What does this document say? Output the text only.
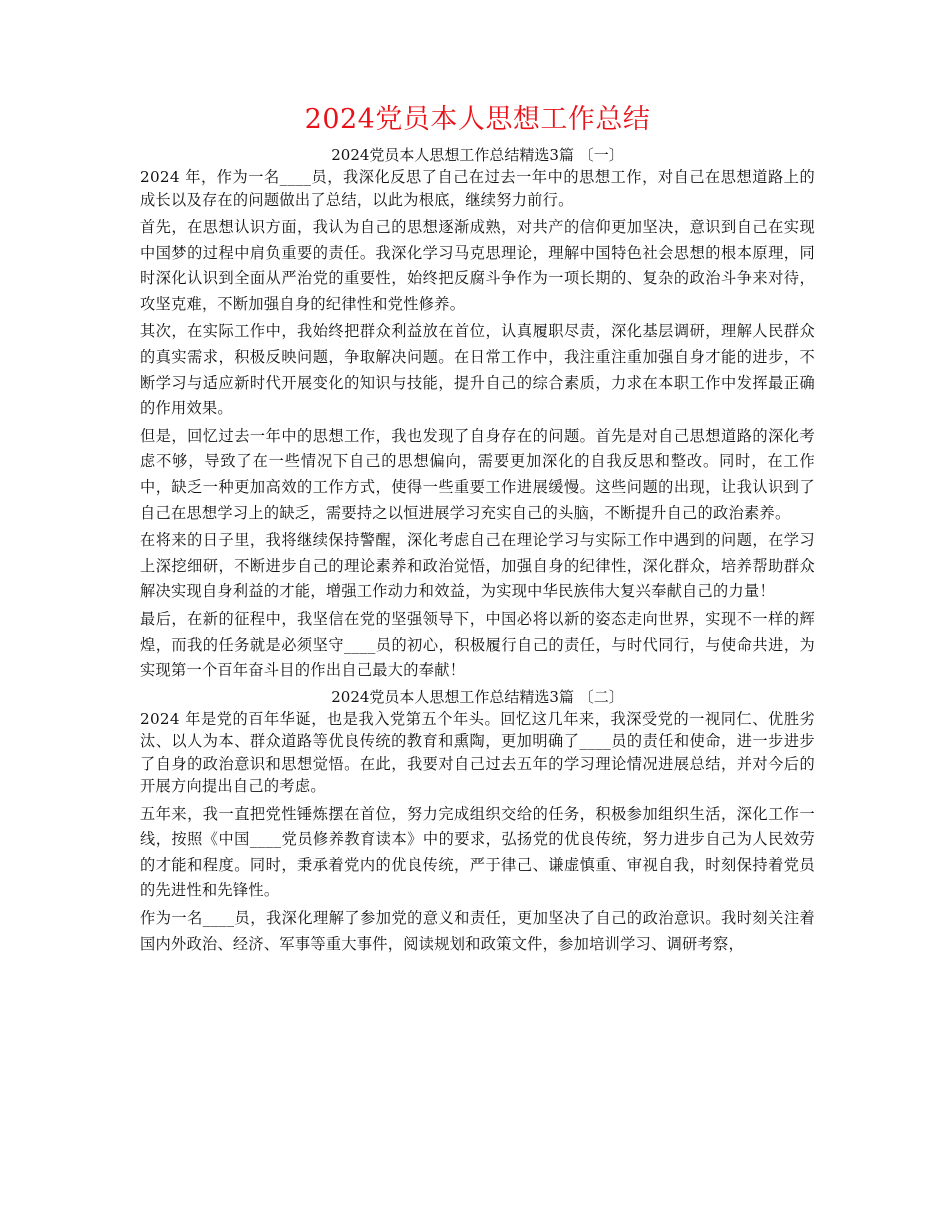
2024党员本人思想工作总结
2024党员本人思想工作总结精选3篇 〔一〕

2024 年，作为一名____员，我深化反思了自己在过去一年中的思想工作，对自己在思想道路上的成长以及存在的问题做出了总结，以此为根底，继续努力前行。

首先，在思想认识方面，我认为自己的思想逐渐成熟，对共产的信仰更加坚决，意识到自己在实现中国梦的过程中肩负重要的责任。我深化学习马克思理论，理解中国特色社会思想的根本原理，同时深化认识到全面从严治党的重要性，始终把反腐斗争作为一项长期的、复杂的政治斗争来对待，攻坚克难，不断加强自身的纪律性和党性修养。

其次，在实际工作中，我始终把群众利益放在首位，认真履职尽责，深化基层调研，理解人民群众的真实需求，积极反映问题，争取解决问题。在日常工作中，我注重注重加强自身才能的进步，不断学习与适应新时代开展变化的知识与技能，提升自己的综合素质，力求在本职工作中发挥最正确的作用效果。

但是，回忆过去一年中的思想工作，我也发现了自身存在的问题。首先是对自己思想道路的深化考虑不够，导致了在一些情况下自己的思想偏向，需要更加深化的自我反思和整改。同时，在工作中，缺乏一种更加高效的工作方式，使得一些重要工作进展缓慢。这些问题的出现，让我认识到了自己在思想学习上的缺乏，需要持之以恒进展学习充实自己的头脑，不断提升自己的政治素养。

在将来的日子里，我将继续保持警醒，深化考虑自己在理论学习与实际工作中遇到的问题，在学习上深挖细研，不断进步自己的理论素养和政治觉悟，加强自身的纪律性，深化群众，培养帮助群众解决实现自身利益的才能，增强工作动力和效益，为实现中华民族伟大复兴奉献自己的力量！

最后，在新的征程中，我坚信在党的坚强领导下，中国必将以新的姿态走向世界，实现不一样的辉煌，而我的任务就是必须坚守____员的初心，积极履行自己的责任，与时代同行，与使命共进，为实现第一个百年奋斗目的作出自己最大的奉献！

2024党员本人思想工作总结精选3篇 〔二〕

2024 年是党的百年华诞，也是我入党第五个年头。回忆这几年来，我深受党的一视同仁、优胜劣汰、以人为本、群众道路等优良传统的教育和熏陶，更加明确了____员的责任和使命，进一步进步了自身的政治意识和思想觉悟。在此，我要对自己过去五年的学习理论情况进展总结，并对今后的开展方向提出自己的考虑。

五年来，我一直把党性锤炼摆在首位，努力完成组织交给的任务，积极参加组织生活，深化工作一线，按照《中国____党员修养教育读本》中的要求，弘扬党的优良传统，努力进步自己为人民效劳的才能和程度。同时，秉承着党内的优良传统，严于律己、谦虚慎重、审视自我，时刻保持着党员的先进性和先锋性。

作为一名____员，我深化理解了参加党的意义和责任，更加坚决了自己的政治意识。我时刻关注着国内外政治、经济、军事等重大事件，阅读规划和政策文件，参加培训学习、调研考察，
